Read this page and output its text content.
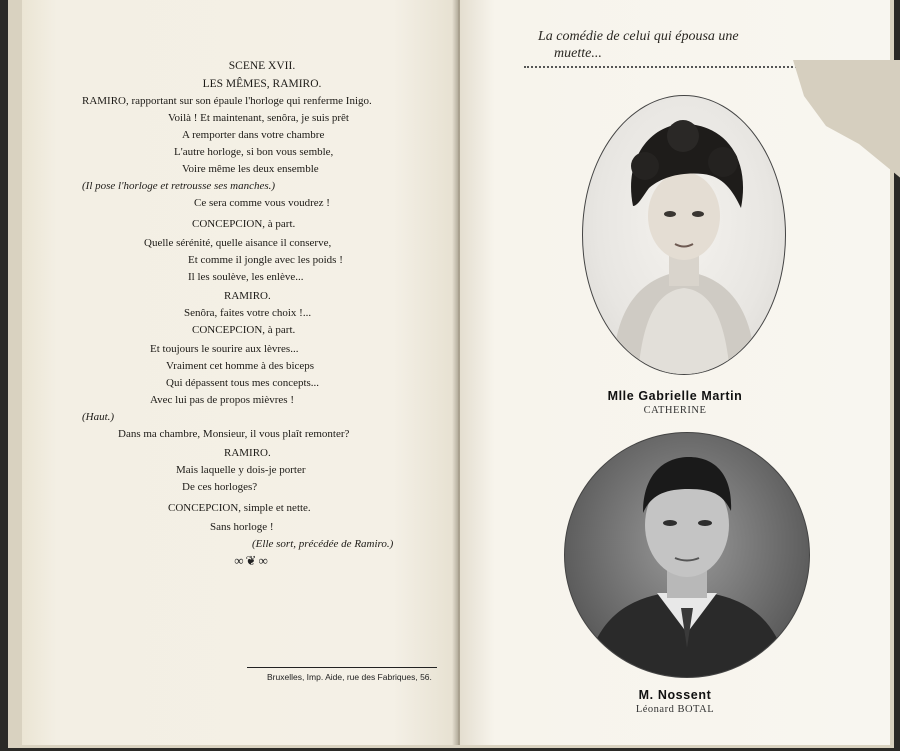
SCENE XVII.
LES MÊMES, RAMIRO.
RAMIRO, rapportant sur son épaule l'horloge qui renferme Inigo.
Voilà ! Et maintenant, senôra, je suis prêt
A remporter dans votre chambre
L'autre horloge, si bon vous semble,
Voire même les deux ensemble
(Il pose l'horloge et retrousse ses manches.)
Ce sera comme vous voudrez !
CONCEPCION, à part.
Quelle sérénité, quelle aisance il conserve,
Et comme il jongle avec les poids !
Il les soulève, les enlève...
RAMIRO.
Senôra, faites votre choix !...
CONCEPCION, à part.
Et toujours le sourire aux lèvres...
Vraiment cet homme à des biceps
Qui dépassent tous mes concepts...
Avec lui pas de propos mièvres !
(Haut.)
Dans ma chambre, Monsieur, il vous plaît remonter?
RAMIRO.
Mais laquelle y dois-je porter
De ces horloges?
CONCEPCION, simple et nette.
Sans horloge !
(Elle sort, précédée de Ramiro.)
∞❦∞
Bruxelles, Imp. Aide, rue des Fabriques, 56.
La comédie de celui qui épousa une
muette...
Mlle Gabrielle Martin
CATHERINE
M. Nossent
Léonard BOTAL
